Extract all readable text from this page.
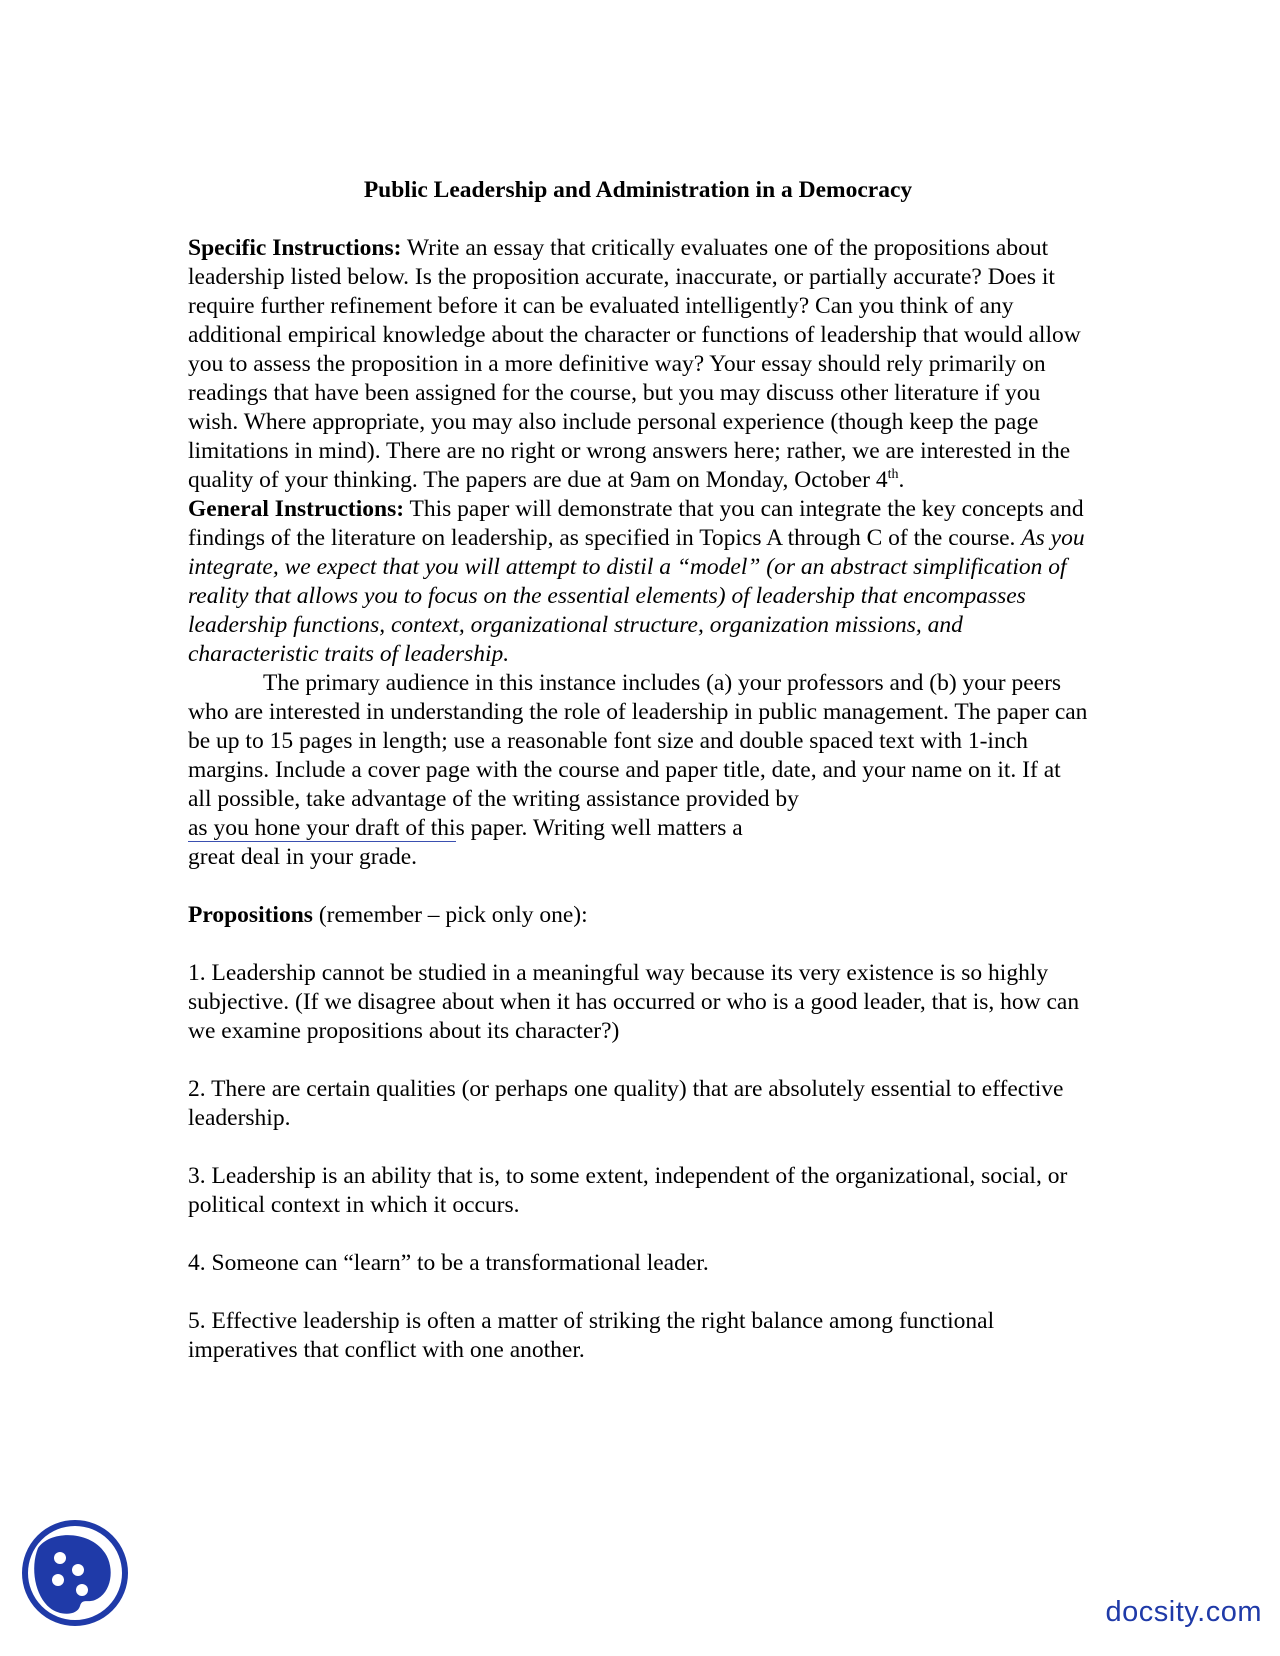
Public Leadership and Administration in a Democracy

Specific Instructions: Write an essay that critically evaluates one of the propositions about leadership listed below. Is the proposition accurate, inaccurate, or partially accurate? Does it require further refinement before it can be evaluated intelligently? Can you think of any additional empirical knowledge about the character or functions of leadership that would allow you to assess the proposition in a more definitive way? Your essay should rely primarily on readings that have been assigned for the course, but you may discuss other literature if you wish. Where appropriate, you may also include personal experience (though keep the page limitations in mind). There are no right or wrong answers here; rather, we are interested in the quality of your thinking. The papers are due at 9am on Monday, October 4th.

General Instructions: This paper will demonstrate that you can integrate the key concepts and findings of the literature on leadership, as specified in Topics A through C of the course. As you integrate, we expect that you will attempt to distil a “model” (or an abstract simplification of reality that allows you to focus on the essential elements) of leadership that encompasses leadership functions, context, organizational structure, organization missions, and characteristic traits of leadership.

The primary audience in this instance includes (a) your professors and (b) your peers who are interested in understanding the role of leadership in public management. The paper can be up to 15 pages in length; use a reasonable font size and double spaced text with 1-inch margins. Include a cover page with the course and paper title, date, and your name on it. If at all possible, take advantage of the writing assistance provided by
as you hone your draft of this paper. Writing well matters a
great deal in your grade.

Propositions (remember – pick only one):

1. Leadership cannot be studied in a meaningful way because its very existence is so highly subjective. (If we disagree about when it has occurred or who is a good leader, that is, how can we examine propositions about its character?)

2. There are certain qualities (or perhaps one quality) that are absolutely essential to effective leadership.

3. Leadership is an ability that is, to some extent, independent of the organizational, social, or political context in which it occurs.

4. Someone can “learn” to be a transformational leader.

5. Effective leadership is often a matter of striking the right balance among functional imperatives that conflict with one another.

docsity.com
